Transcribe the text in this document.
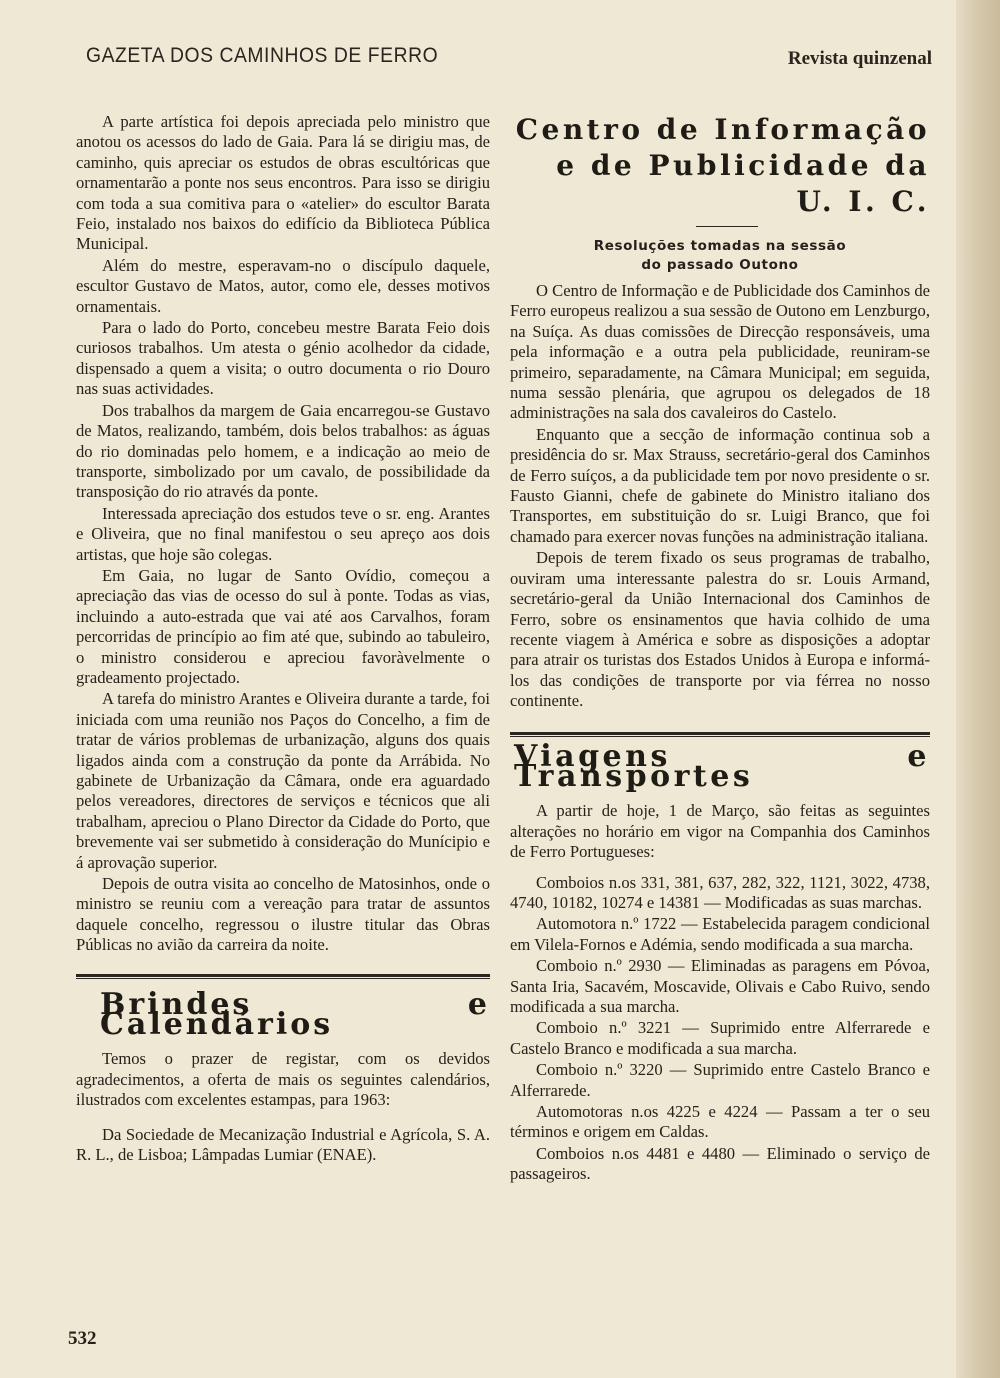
GAZETA DOS CAMINHOS DE FERRO	Revista quinzenal

A parte artística foi depois apreciada pelo ministro que anotou os acessos do lado de Gaia. Para lá se dirigiu mas, de caminho, quis apreciar os estudos de obras escultóricas que ornamentarão a ponte nos seus encontros. Para isso se dirigiu com toda a sua comitiva para o «atelier» do escultor Barata Feio, instalado nos baixos do edifício da Biblioteca Pública Municipal.

Além do mestre, esperavam-no o discípulo daquele, escultor Gustavo de Matos, autor, como ele, desses motivos ornamentais.

Para o lado do Porto, concebeu mestre Barata Feio dois curiosos trabalhos. Um atesta o génio acolhedor da cidade, dispensado a quem a visita; o outro documenta o rio Douro nas suas actividades.

Dos trabalhos da margem de Gaia encarregou-se Gustavo de Matos, realizando, também, dois belos trabalhos: as águas do rio dominadas pelo homem, e a indicação ao meio de transporte, simbolizado por um cavalo, de possibilidade da transposição do rio através da ponte.

Interessada apreciação dos estudos teve o sr. eng. Arantes e Oliveira, que no final manifestou o seu apreço aos dois artistas, que hoje são colegas.

Em Gaia, no lugar de Santo Ovídio, começou a apreciação das vias de ocesso do sul à ponte. Todas as vias, incluindo a auto-estrada que vai até aos Carvalhos, foram percorridas de princípio ao fim até que, subindo ao tabuleiro, o ministro considerou e apreciou favoràvelmente o gradeamento projectado.

A tarefa do ministro Arantes e Oliveira durante a tarde, foi iniciada com uma reunião nos Paços do Concelho, a fim de tratar de vários problemas de urbanização, alguns dos quais ligados ainda com a construção da ponte da Arrábida. No gabinete de Urbanização da Câmara, onde era aguardado pelos vereadores, directores de serviços e técnicos que ali trabalham, apreciou o Plano Director da Cidade do Porto, que brevemente vai ser submetido à consideração do Munícipio e á aprovação superior.

Depois de outra visita ao concelho de Matosinhos, onde o ministro se reuniu com a vereação para tratar de assuntos daquele concelho, regressou o ilustre titular das Obras Públicas no avião da carreira da noite.

Brindes e Calendários

Temos o prazer de registar, com os devidos agradecimentos, a oferta de mais os seguintes calendários, ilustrados com excelentes estampas, para 1963:

Da Sociedade de Mecanização Industrial e Agrícola, S. A. R. L., de Lisboa; Lâmpadas Lumiar (ENAE).

Centro de Informação
e de Publicidade da U. I. C.
Resoluções tomadas na sessão
do passado Outono

O Centro de Informação e de Publicidade dos Caminhos de Ferro europeus realizou a sua sessão de Outono em Lenzburgo, na Suíça. As duas comissões de Direcção responsáveis, uma pela informação e a outra pela publicidade, reuniram-se primeiro, separadamente, na Câmara Municipal; em seguida, numa sessão plenária, que agrupou os delegados de 18 administrações na sala dos cavaleiros do Castelo.

Enquanto que a secção de informação continua sob a presidência do sr. Max Strauss, secretário-geral dos Caminhos de Ferro suíços, a da publicidade tem por novo presidente o sr. Fausto Gianni, chefe de gabinete do Ministro italiano dos Transportes, em substituição do sr. Luigi Branco, que foi chamado para exercer novas funções na administração italiana.

Depois de terem fixado os seus programas de trabalho, ouviram uma interessante palestra do sr. Louis Armand, secretário-geral da União Internacional dos Caminhos de Ferro, sobre os ensinamentos que havia colhido de uma recente viagem à América e sobre as disposições a adoptar para atrair os turistas dos Estados Unidos à Europa e informá-los das condições de transporte por via férrea no nosso continente.

Viagens e Transportes

A partir de hoje, 1 de Março, são feitas as seguintes alterações no horário em vigor na Companhia dos Caminhos de Ferro Portugueses:

Comboios n.os 331, 381, 637, 282, 322, 1121, 3022, 4738, 4740, 10182, 10274 e 14381 — Modificadas as suas marchas.

Automotora n.º 1722 — Estabelecida paragem condicional em Vilela-Fornos e Adémia, sendo modificada a sua marcha.

Comboio n.º 2930 — Eliminadas as paragens em Póvoa, Santa Iria, Sacavém, Moscavide, Olivais e Cabo Ruivo, sendo modificada a sua marcha.

Comboio n.º 3221 — Suprimido entre Alferrarede e Castelo Branco e modificada a sua marcha.

Comboio n.º 3220 — Suprimido entre Castelo Branco e Alferrarede.

Automotoras n.os 4225 e 4224 — Passam a ter o seu términos e origem em Caldas.

Comboios n.os 4481 e 4480 — Eliminado o serviço de passageiros.

532
